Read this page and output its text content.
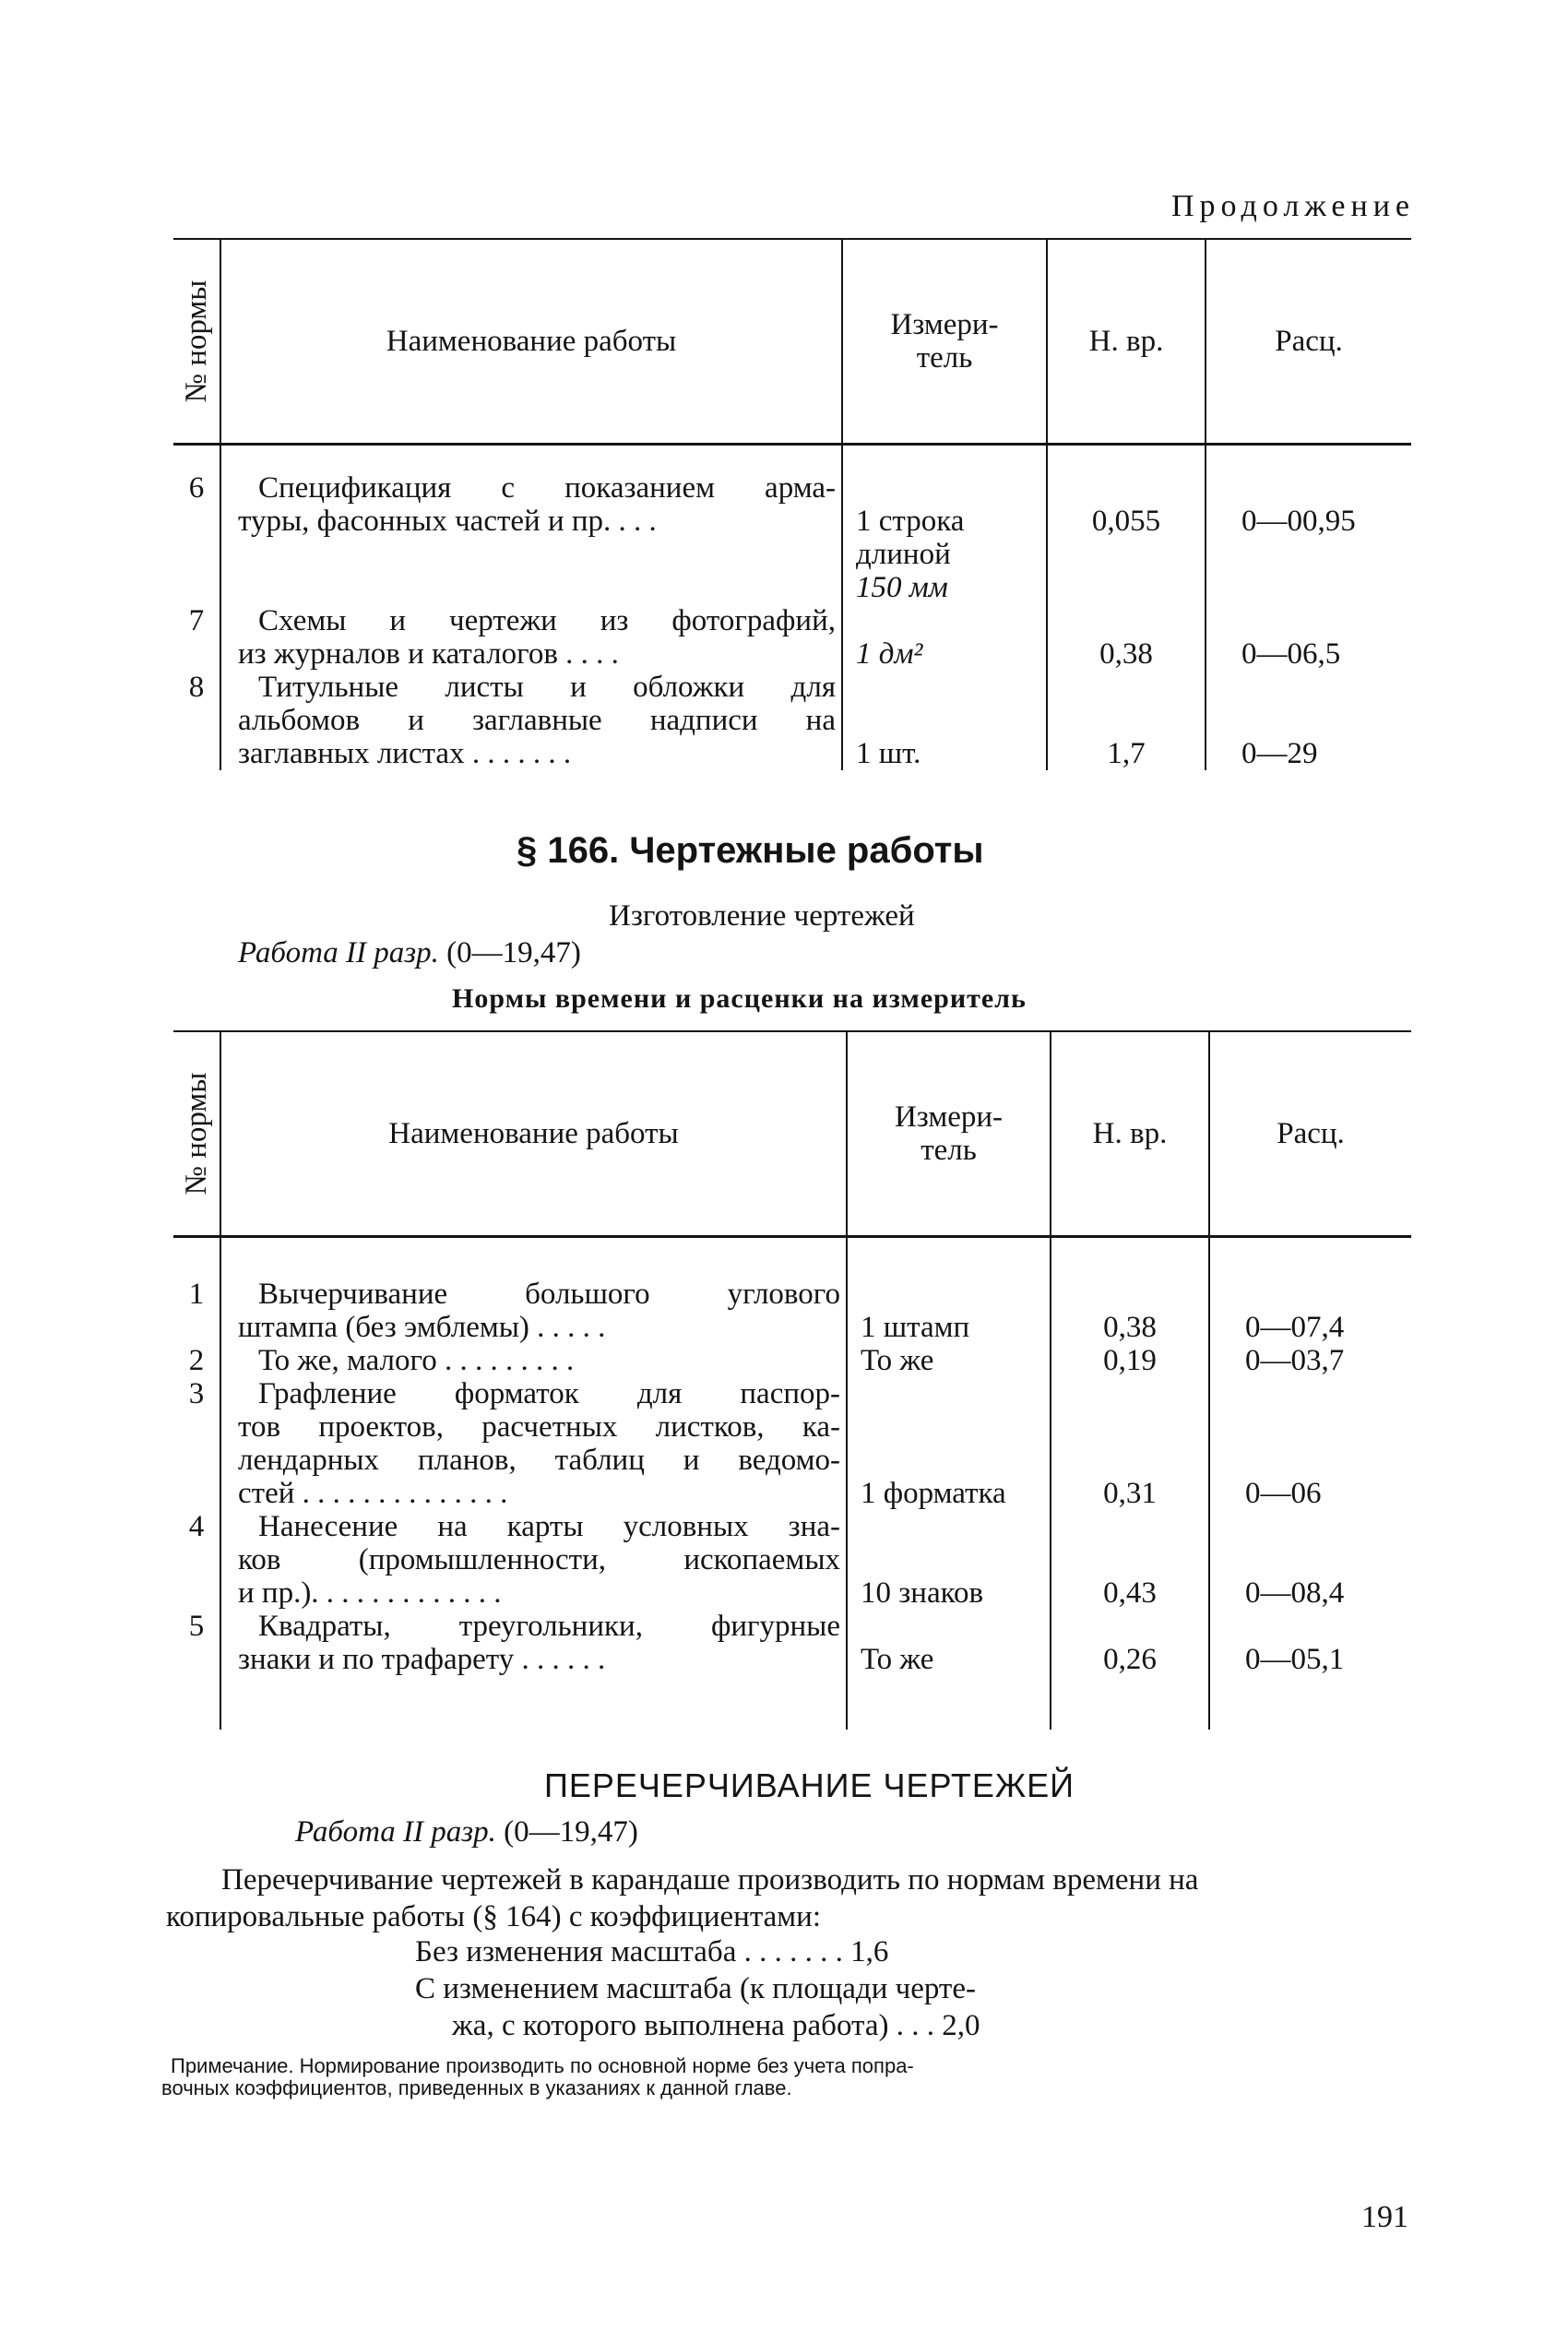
Продолжение
№ нормы	Наименование работы	Измери-
тель	Н. вр.	Расц.

6	Спецификация с показанием арма-
туры, фасонных частей и пр. . . .	1 строка
длиной
150 мм	0,055	0—00,95
7	Схемы и чертежи из фотографий,
из журналов и каталогов . . . .	1 дм²	0,38	0—06,5
8	Титульные листы и обложки для
альбомов и заглавные надписи на
заглавных листах . . . . . . .	1 шт.	1,7	0—29
§ 166. Чертежные работы
Изготовление чертежей
Работа II разр. (0—19,47)
Нормы времени и расценки на измеритель
№ нормы	Наименование работы	Измери-
тель	Н. вр.	Расц.

1	Вычерчивание большого углового
штампа (без эмблемы) . . . . .	1 штамп	0,38	0—07,4
2	То же, малого . . . . . . . . .	То же	0,19	0—03,7
3	Графление форматок для паспор-
тов проектов, расчетных листков, ка-
лендарных планов, таблиц и ведомо-
стей . . . . . . . . . . . . . .	1 форматка	0,31	0—06
4	Нанесение на карты условных зна-
ков (промышленности, ископаемых
и пр.). . . . . . . . . . . . .	10 знаков	0,43	0—08,4
5	Квадраты, треугольники, фигурные
знаки и по трафарету . . . . . .	То же	0,26	0—05,1

ПЕРЕЧЕРЧИВАНИЕ ЧЕРТЕЖЕЙ
Работа II разр. (0—19,47)
Перечерчивание чертежей в карандаше производить по нормам времени на
копировальные работы (§ 164) с коэффициентами:
Без изменения масштаба . . . . . . . 1,6
С изменением масштаба (к площади черте-
жа, с которого выполнена работа) . . . 2,0
Примечание. Нормирование производить по основной норме без учета попра-
вочных коэффициентов, приведенных в указаниях к данной главе.
191
